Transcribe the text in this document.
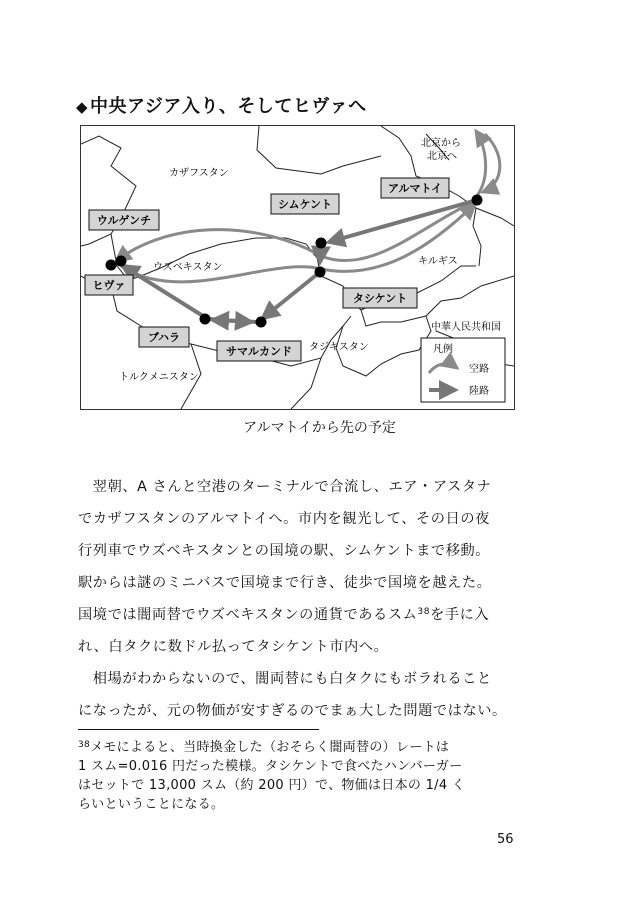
◆ 中央アジア入り、そしてヒヴァへ
カザフスタン
ウズベキスタン
キルギス
中華人民共和国
タジキスタン
トルクメニスタン
北京から 北京へ
アルマトイ
シムケント
タシケント
サマルカンド
ブハラ
ウルゲンチ
ヒヴァ
凡例
空路
陸路
アルマトイから先の予定
　翌朝、A さんと空港のターミナルで合流し、エア・アスタナ
でカザフスタンのアルマトイへ。市内を観光して、その日の夜
行列車でウズベキスタンとの国境の駅、シムケントまで移動。
駅からは謎のミニバスで国境まで行き、徒歩で国境を越えた。
国境では闇両替でウズベキスタンの通貨であるスム$^{38}$を手に入
れ、白タクに数ドル払ってタシケント市内へ。
　相場がわからないので、闇両替にも白タクにもボラれること
になったが、元の物価が安すぎるのでまぁ大した問題ではない。
$^{38}$メモによると、当時換金した（おそらく闇両替の）レートは
1 スム=0.016 円だった模様。タシケントで食べたハンバーガー
はセットで 13,000 スム（約 200 円）で、物価は日本の 1/4 く
らいということになる。
56
